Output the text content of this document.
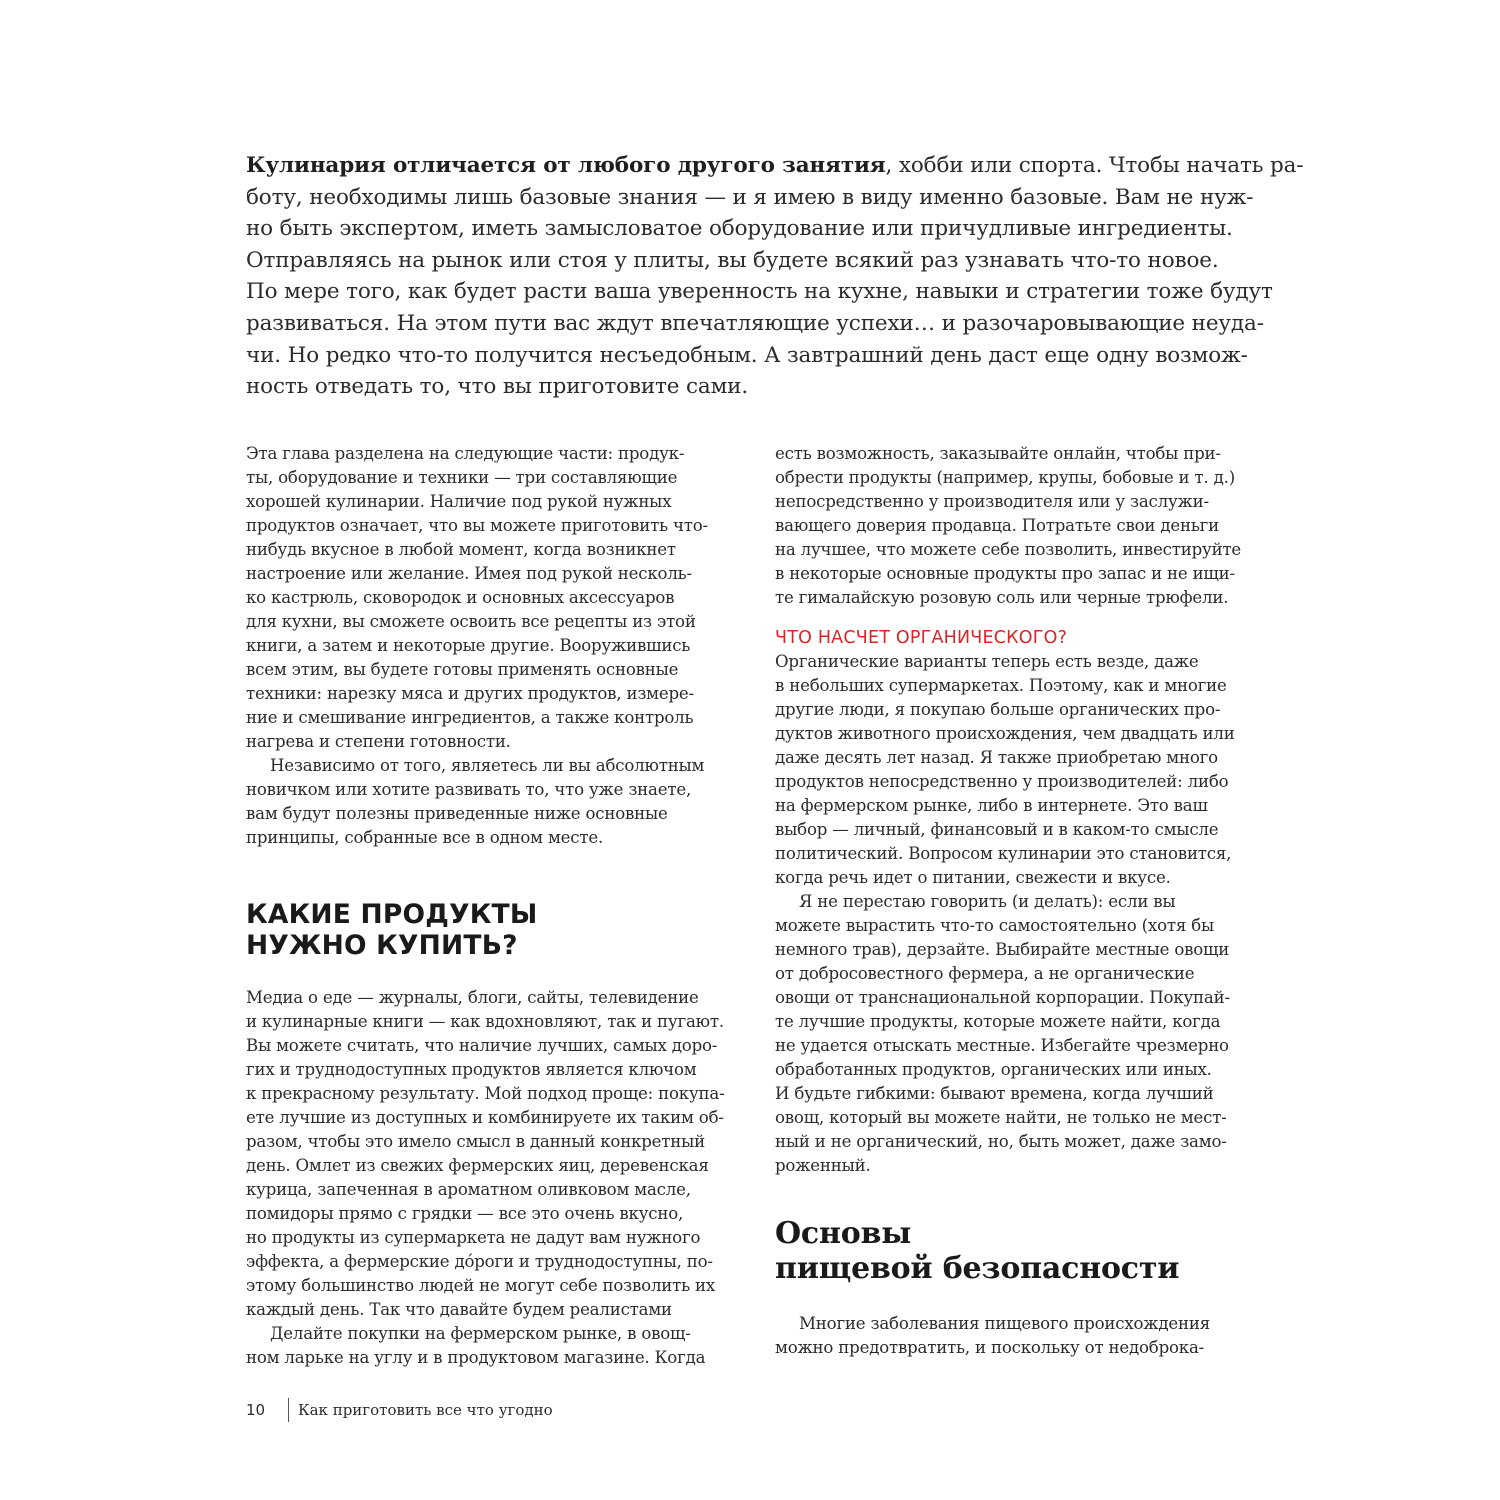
Кулинария отличается от любого другого занятия, хобби или спорта. Чтобы начать ра-

боту, необходимы лишь базовые знания — и я имею в виду именно базовые. Вам не нуж-

но быть экспертом, иметь замысловатое оборудование или причудливые ингредиенты.

Отправляясь на рынок или стоя у плиты, вы будете всякий раз узнавать что-то новое.

По мере того, как будет расти ваша уверенность на кухне, навыки и стратегии тоже будут

развиваться. На этом пути вас ждут впечатляющие успехи… и разочаровывающие неуда-

чи. Но редко что-то получится несъедобным. А завтрашний день даст еще одну возмож-

ность отведать то, что вы приготовите сами.

Эта глава разделена на следующие части: продук-
ты, оборудование и техники — три составляющие
хорошей кулинарии. Наличие под рукой нужных
продуктов означает, что вы можете приготовить что-
нибудь вкусное в любой момент, когда возникнет
настроение или желание. Имея под рукой несколь-
ко кастрюль, сковородок и основных аксессуаров
для кухни, вы сможете освоить все рецепты из этой
книги, а затем и некоторые другие. Вооружившись
всем этим, вы будете готовы применять основные
техники: нарезку мяса и других продуктов, измере-
ние и смешивание ингредиентов, а также контроль
нагрева и степени готовности.

Независимо от того, являетесь ли вы абсолютным
новичком или хотите развивать то, что уже знаете,
вам будут полезны приведенные ниже основные
принципы, собранные все в одном месте.

КАКИЕ ПРОДУКТЫ
НУЖНО КУПИТЬ?

Медиа о еде — журналы, блоги, сайты, телевидение
и кулинарные книги — как вдохновляют, так и пугают.
Вы можете считать, что наличие лучших, самых доро-
гих и труднодоступных продуктов является ключом
к прекрасному результату. Мой подход проще: покупа-
ете лучшие из доступных и комбинируете их таким об-
разом, чтобы это имело смысл в данный конкретный
день. Омлет из свежих фермерских яиц, деревенская
курица, запеченная в ароматном оливковом масле,
помидоры прямо с грядки — все это очень вкусно,
но продукты из супермаркета не дадут вам нужного
эффекта, а фермерские до́роги и труднодоступны, по-
этому большинство людей не могут себе позволить их
каждый день. Так что давайте будем реалистами

Делайте покупки на фермерском рынке, в овощ-
ном ларьке на углу и в продуктовом магазине. Когда

есть возможность, заказывайте онлайн, чтобы при-
обрести продукты (например, крупы, бобовые и т. д.)
непосредственно у производителя или у заслужи-
вающего доверия продавца. Потратьте свои деньги
на лучшее, что можете себе позволить, инвестируйте
в некоторые основные продукты про запас и не ищи-
те гималайскую розовую соль или черные трюфели.

ЧТО НАСЧЕТ ОРГАНИЧЕСКОГО?

Органические варианты теперь есть везде, даже
в небольших супермаркетах. Поэтому, как и многие
другие люди, я покупаю больше органических про-
дуктов животного происхождения, чем двадцать или
даже десять лет назад. Я также приобретаю много
продуктов непосредственно у производителей: либо
на фермерском рынке, либо в интернете. Это ваш
выбор — личный, финансовый и в каком-то смысле
политический. Вопросом кулинарии это становится,
когда речь идет о питании, свежести и вкусе.

Я не перестаю говорить (и делать): если вы
можете вырастить что-то самостоятельно (хотя бы
немного трав), дерзайте. Выбирайте местные овощи
от добросовестного фермера, а не органические
овощи от транснациональной корпорации. Покупай-
те лучшие продукты, которые можете найти, когда
не удается отыскать местные. Избегайте чрезмерно
обработанных продуктов, органических или иных.
И будьте гибкими: бывают времена, когда лучший
овощ, который вы можете найти, не только не мест-
ный и не органический, но, быть может, даже замо-
роженный.

Основы
пищевой безопасности

Многие заболевания пищевого происхождения
можно предотвратить, и поскольку от недоброка-

10	Как приготовить все что угодно
